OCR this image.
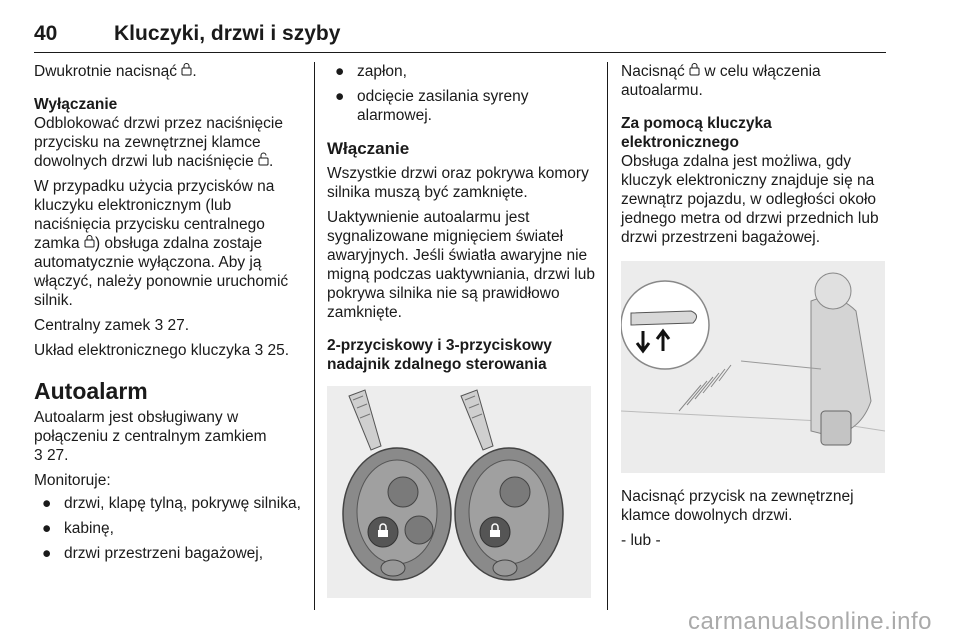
40	Kluczyki, drzwi i szyby

Dwukrotnie nacisnąć .

Wyłączanie

Odblokować drzwi przez naciśnięcie przycisku na zewnętrznej klamce dowolnych drzwi lub naciśnięcie .

W przypadku użycia przycisków na kluczyku elektronicznym (lub naciśnięcia przycisku centralnego zamka ) obsługa zdalna zostaje automatycznie wyłączona. Aby ją włączyć, należy ponownie uruchomić silnik.

Centralny zamek 3 27.

Układ elektronicznego kluczyka 3 25.

Autoalarm

Autoalarm jest obsługiwany w połączeniu z centralnym zamkiem
3 27.

Monitoruje:

● drzwi, klapę tylną, pokrywę silnika,
● kabinę,
● drzwi przestrzeni bagażowej,
● zapłon,
● odcięcie zasilania syreny alarmowej.
Włączanie

Wszystkie drzwi oraz pokrywa komory silnika muszą być zamknięte.

Uaktywnienie autoalarmu jest sygnalizowane mignięciem świateł awaryjnych. Jeśli światła awaryjne nie migną podczas uaktywniania, drzwi lub pokrywa silnika nie są prawidłowo zamknięte.

2-przyciskowy i 3-przyciskowy nadajnik zdalnego sterowania

Nacisnąć w celu włączenia autoalarmu.

Za pomocą kluczyka elektronicznego

Obsługa zdalna jest możliwa, gdy kluczyk elektroniczny znajduje się na zewnątrz pojazdu, w odległości około jednego metra od drzwi przednich lub drzwi przestrzeni bagażowej.

Nacisnąć przycisk na zewnętrznej klamce dowolnych drzwi.

- lub -

carmanualsonline.info
